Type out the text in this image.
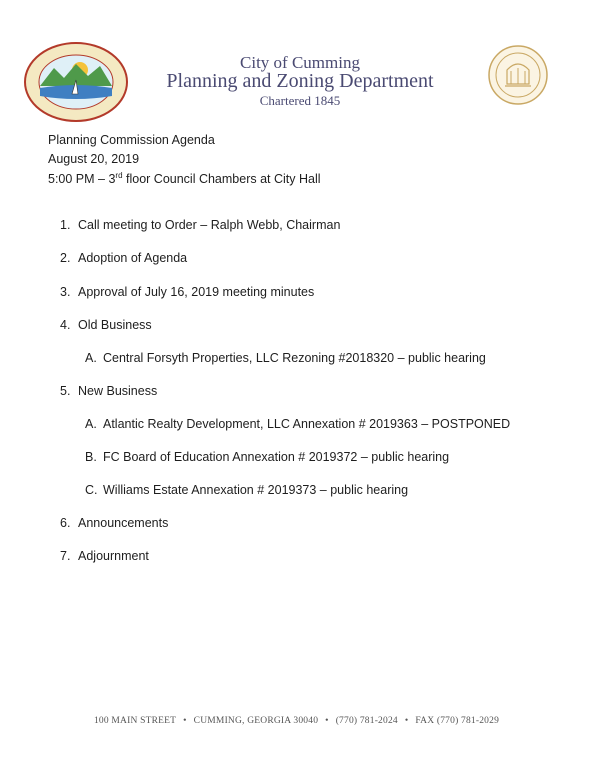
City of Cumming
Planning and Zoning Department
Chartered 1845
Planning Commission Agenda
August 20, 2019
5:00 PM – 3rd floor Council Chambers at City Hall
1. Call meeting to Order – Ralph Webb, Chairman
2. Adoption of Agenda
3. Approval of July 16, 2019 meeting minutes
4. Old Business
A. Central Forsyth Properties, LLC Rezoning #2018320 – public hearing
5. New Business
A. Atlantic Realty Development, LLC Annexation # 2019363 – POSTPONED
B. FC Board of Education Annexation # 2019372 – public hearing
C. Williams Estate Annexation # 2019373 – public hearing
6. Announcements
7. Adjournment
100 MAIN STREET • CUMMING, GEORGIA 30040 • (770) 781-2024 • FAX (770) 781-2029
